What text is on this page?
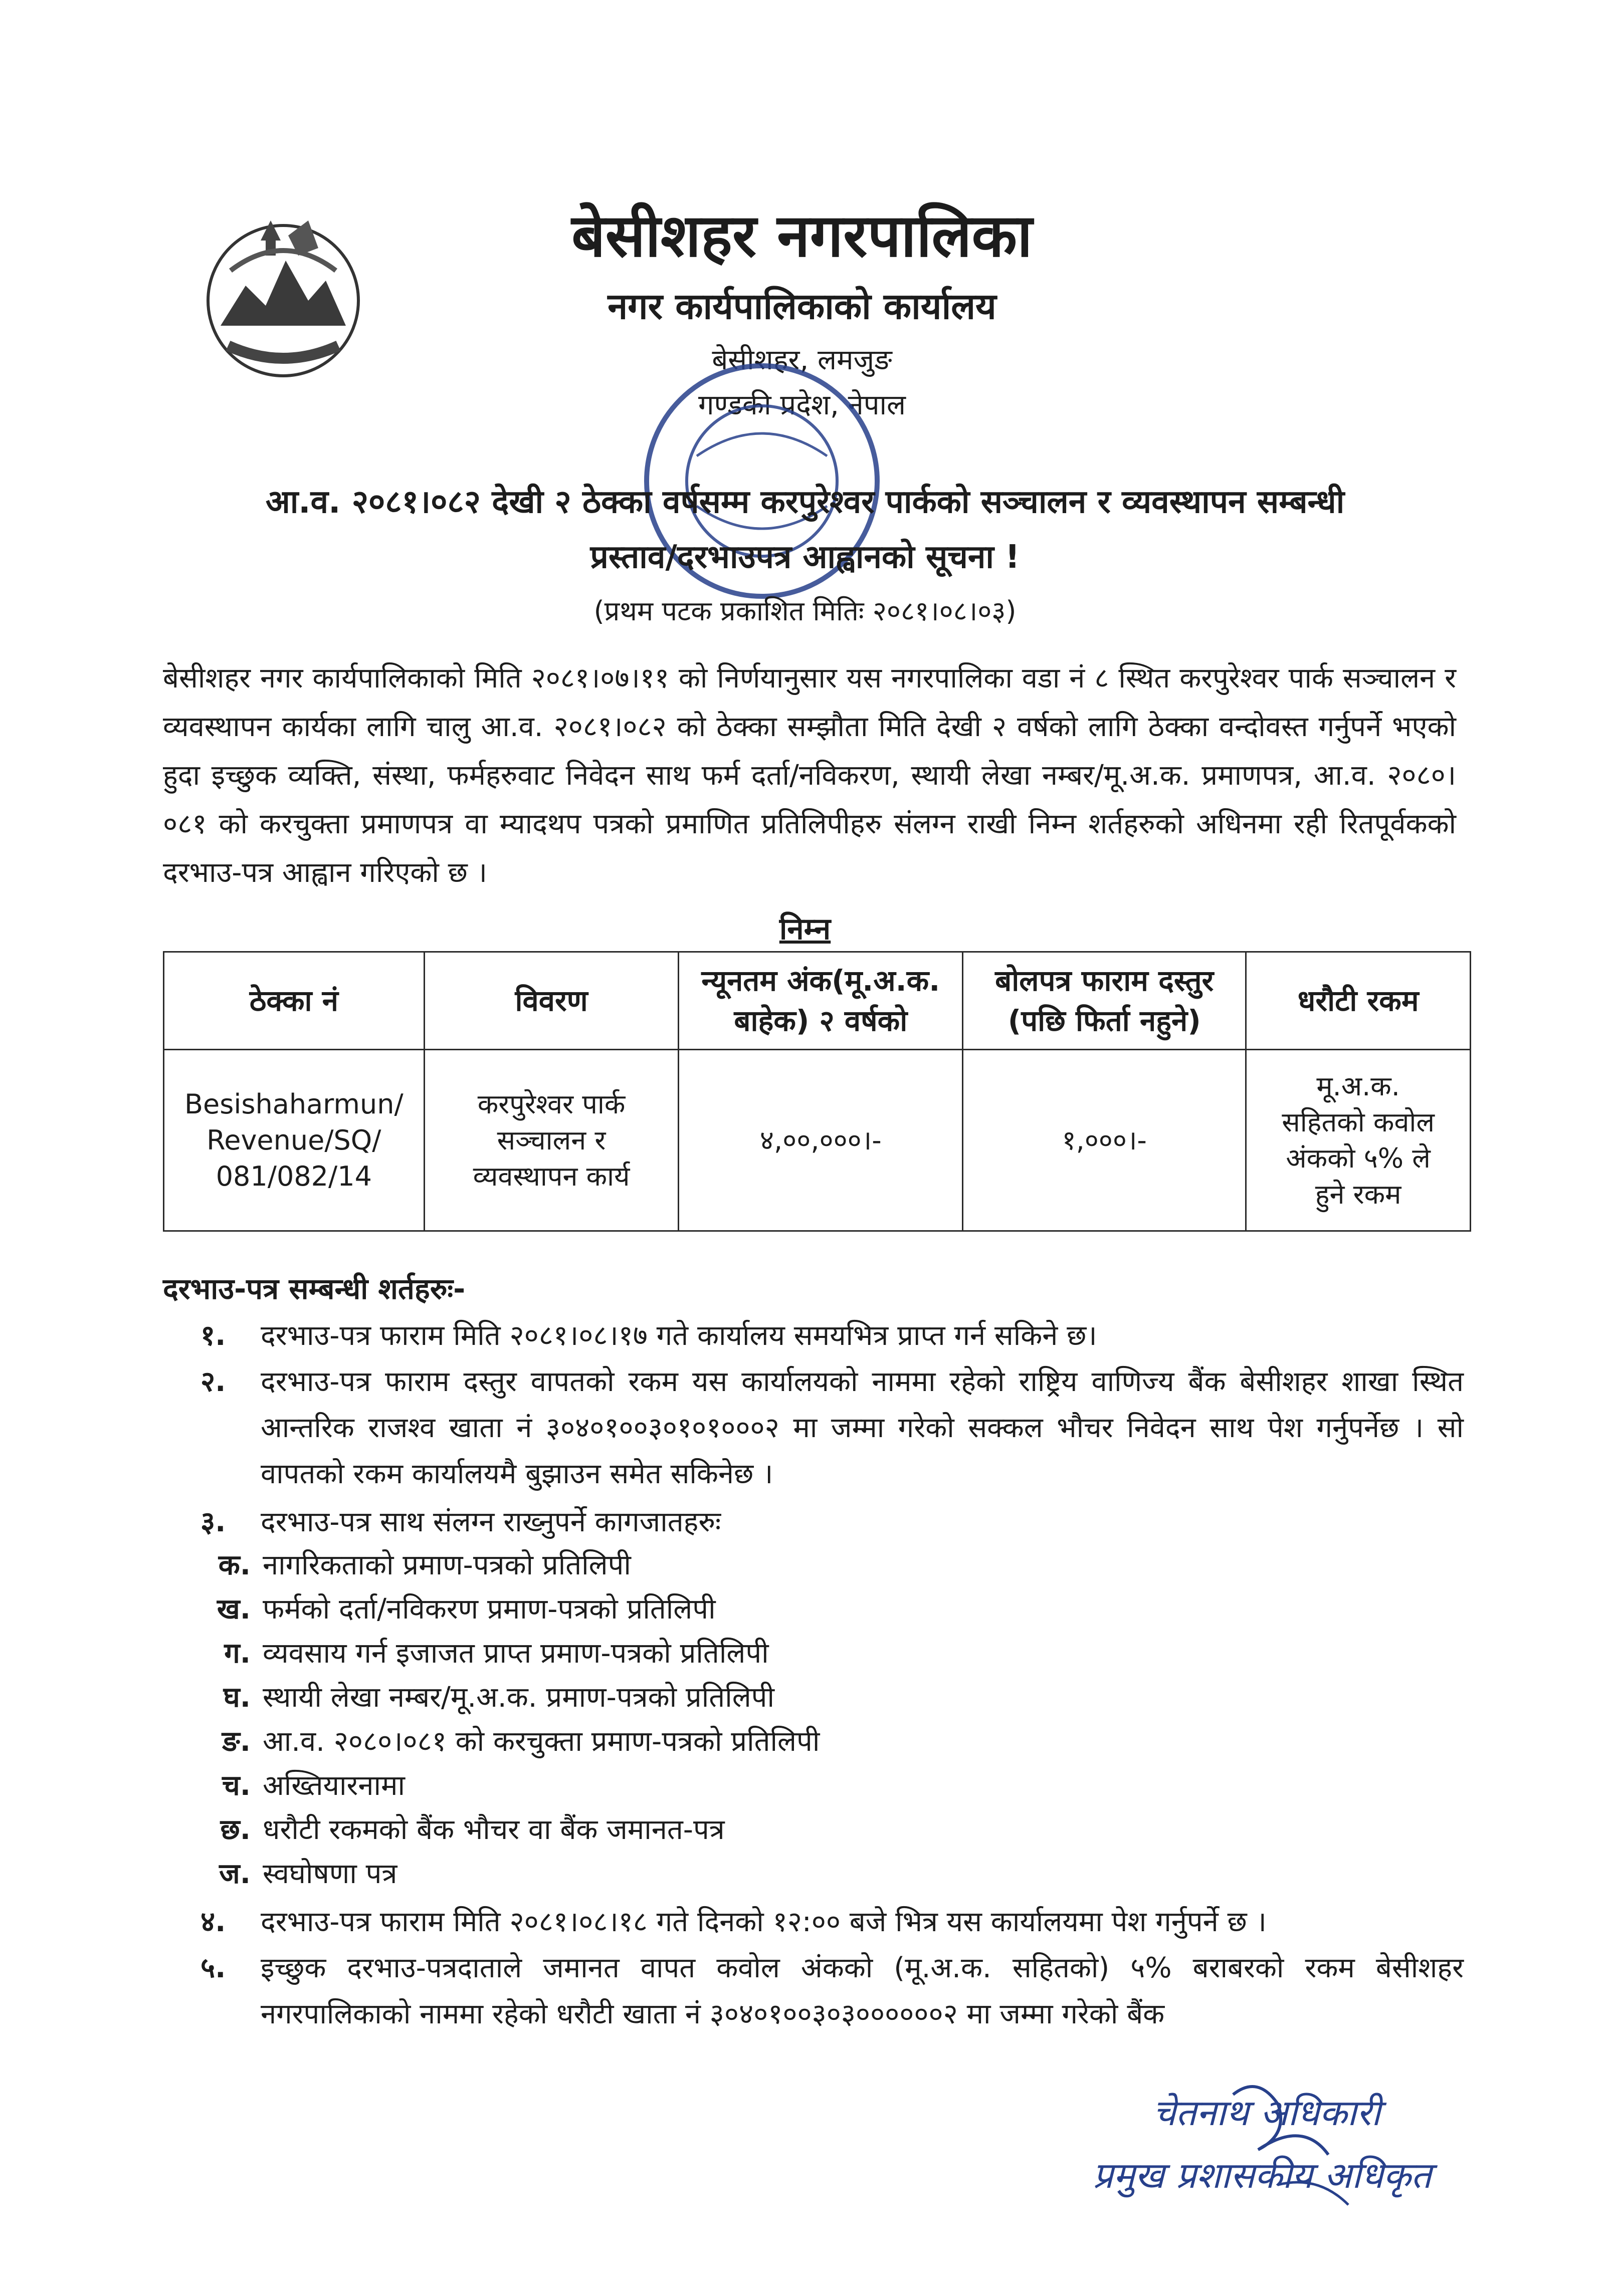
बेसीशहर नगरपालिका
नगर कार्यपालिकाको कार्यालय
बेसीशहर, लमजुङ
गण्डकी प्रदेश, नेपाल
आ.व. २०८१।०८२ देखी २ ठेक्का वर्षसम्म करपुरेश्वर पार्कको सञ्चालन र व्यवस्थापन सम्बन्धी
प्रस्ताव/दरभाउपत्र आह्वानको सूचना !
(प्रथम पटक प्रकाशित मितिः २०८१।०८।०३)
बेसीशहर नगर कार्यपालिकाको मिति २०८१।०७।११ को निर्णयानुसार यस नगरपालिका वडा नं ८ स्थित करपुरेश्वर पार्क सञ्चालन र व्यवस्थापन कार्यका लागि चालु आ.व. २०८१।०८२ को ठेक्का सम्झौता मिति देखी २ वर्षको लागि ठेक्का वन्दोवस्त गर्नुपर्ने भएको हुदा इच्छुक व्यक्ति, संस्था, फर्महरुवाट निवेदन साथ फर्म दर्ता/नविकरण, स्थायी लेखा नम्बर/मू.अ.क. प्रमाणपत्र, आ.व. २०८०।०८१ को करचुक्ता प्रमाणपत्र वा म्यादथप पत्रको प्रमाणित प्रतिलिपीहरु संलग्न राखी निम्न शर्तहरुको अधिनमा रही रितपूर्वकको दरभाउ-पत्र आह्वान गरिएको छ ।
निम्न
ठेक्का नं	विवरण	न्यूनतम अंक(मू.अ.क. बाहेक) २ वर्षको	बोलपत्र फाराम दस्तुर (पछि फिर्ता नहुने)	धरौटी रकम
Besishaharmun/ Revenue/SQ/ 081/082/14	करपुरेश्वर पार्क सञ्चालन र व्यवस्थापन कार्य	४,००,०००।-	१,०००।-	मू.अ.क. सहितको कवोल अंकको ५% ले हुने रकम
दरभाउ-पत्र सम्बन्धी शर्तहरुः-
१. दरभाउ-पत्र फाराम मिति २०८१।०८।१७ गते कार्यालय समयभित्र प्राप्त गर्न सकिने छ।
२. दरभाउ-पत्र फाराम दस्तुर वापतको रकम यस कार्यालयको नाममा रहेको राष्ट्रिय वाणिज्य बैंक बेसीशहर शाखा स्थित आन्तरिक राजश्व खाता नं ३०४०१००३०१०१०००२ मा जम्मा गरेको सक्कल भौचर निवेदन साथ पेश गर्नुपर्नेछ । सो वापतको रकम कार्यालयमै बुझाउन समेत सकिनेछ ।
३. दरभाउ-पत्र साथ संलग्न राख्नुपर्ने कागजातहरुः
क. नागरिकताको प्रमाण-पत्रको प्रतिलिपी
ख. फर्मको दर्ता/नविकरण प्रमाण-पत्रको प्रतिलिपी
ग. व्यवसाय गर्न इजाजत प्राप्त प्रमाण-पत्रको प्रतिलिपी
घ. स्थायी लेखा नम्बर/मू.अ.क. प्रमाण-पत्रको प्रतिलिपी
ङ. आ.व. २०८०।०८१ को करचुक्ता प्रमाण-पत्रको प्रतिलिपी
च. अख्तियारनामा
छ. धरौटी रकमको बैंक भौचर वा बैंक जमानत-पत्र
ज. स्वघोषणा पत्र
४. दरभाउ-पत्र फाराम मिति २०८१।०८।१८ गते दिनको १२:०० बजे भित्र यस कार्यालयमा पेश गर्नुपर्ने छ ।
५. इच्छुक दरभाउ-पत्रदाताले जमानत वापत कवोल अंकको (मू.अ.क. सहितको) ५% बराबरको रकम बेसीशहर नगरपालिकाको नाममा रहेको धरौटी खाता नं ३०४०१००३०३००००००२ मा जम्मा गरेको बैंक
चेतनाथ अधिकारी
प्रमुख प्रशासकीय अधिकृत
